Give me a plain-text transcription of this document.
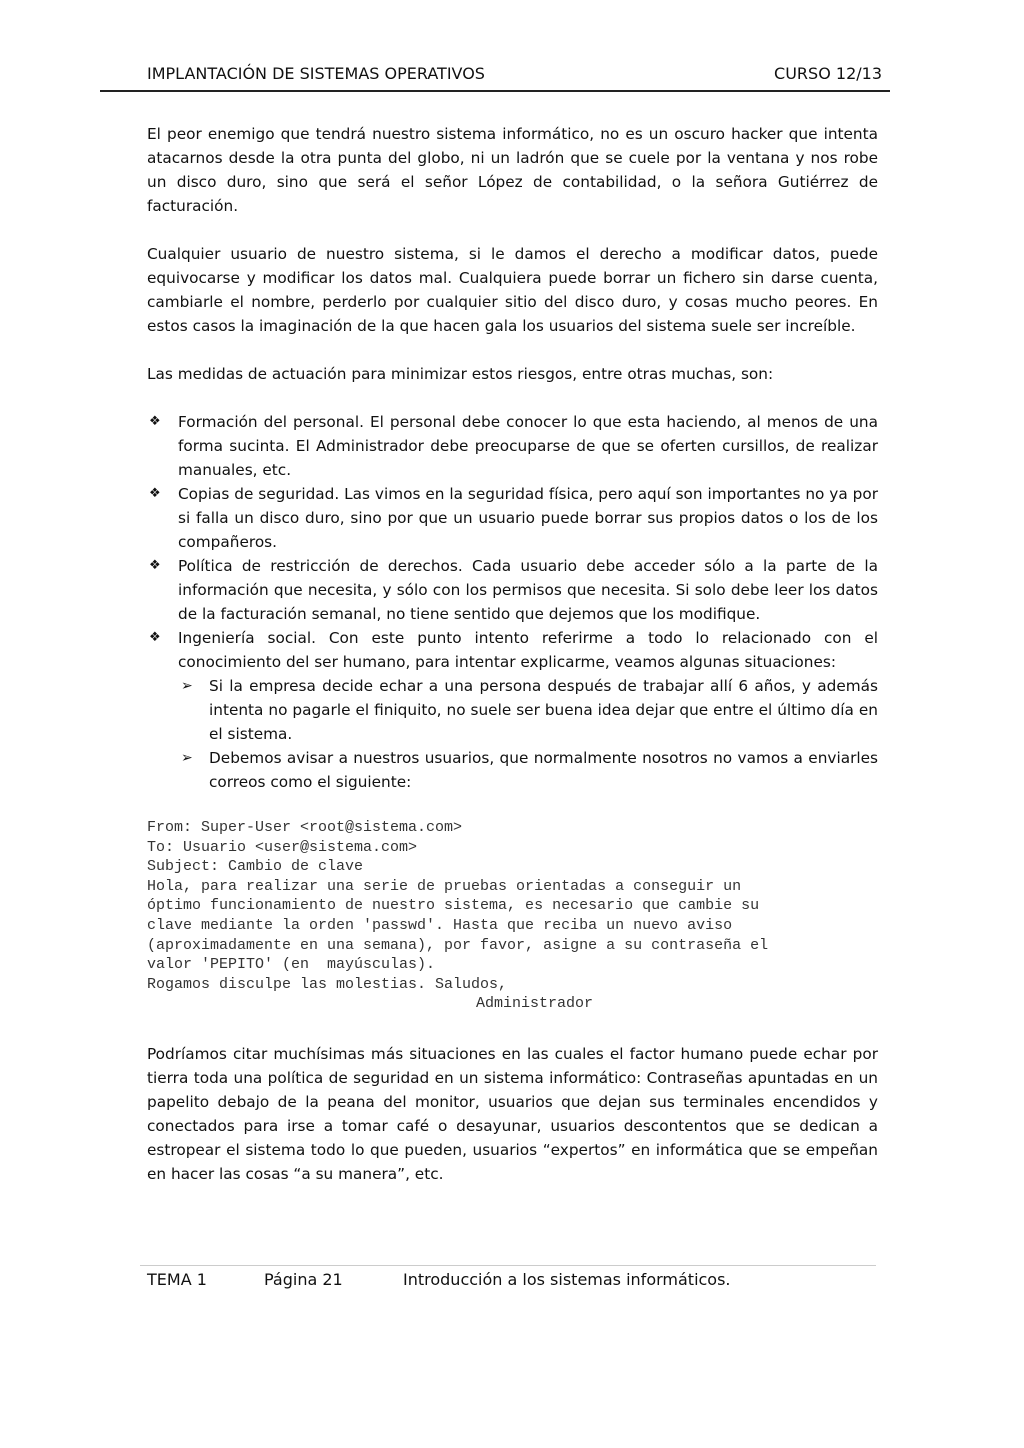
IMPLANTACIÓN DE SISTEMAS OPERATIVOS	CURSO 12/13

El peor enemigo que tendrá nuestro sistema informático, no es un oscuro hacker que intenta atacarnos desde la otra punta del globo, ni un ladrón que se cuele por la ventana y nos robe un disco duro, sino que será el señor López de contabilidad, o la señora Gutiérrez de facturación.

Cualquier usuario de nuestro sistema, si le damos el derecho a modificar datos, puede equivocarse y modificar los datos mal. Cualquiera puede borrar un fichero sin darse cuenta, cambiarle el nombre, perderlo por cualquier sitio del disco duro, y cosas mucho peores. En estos casos la imaginación de la que hacen gala los usuarios del sistema suele ser increíble.

Las medidas de actuación para minimizar estos riesgos, entre otras muchas, son:

❖ Formación del personal. El personal debe conocer lo que esta haciendo, al menos de una forma sucinta. El Administrador debe preocuparse de que se oferten cursillos, de realizar manuales, etc.
❖ Copias de seguridad. Las vimos en la seguridad física, pero aquí son importantes no ya por si falla un disco duro, sino por que un usuario puede borrar sus propios datos o los de los compañeros.
❖ Política de restricción de derechos. Cada usuario debe acceder sólo a la parte de la información que necesita, y sólo con los permisos que necesita. Si solo debe leer los datos de la facturación semanal, no tiene sentido que dejemos que los modifique.
❖ Ingeniería social. Con este punto intento referirme a todo lo relacionado con el conocimiento del ser humano, para intentar explicarme, veamos algunas situaciones:
➢ Si la empresa decide echar a una persona después de trabajar allí 6 años, y además intenta no pagarle el finiquito, no suele ser buena idea dejar que entre el último día en el sistema.
➢ Debemos avisar a nuestros usuarios, que normalmente nosotros no vamos a enviarles correos como el siguiente:
From: Super-User <root@sistema.com>
To: Usuario <user@sistema.com>
Subject: Cambio de clave
Hola, para realizar una serie de pruebas orientadas a conseguir un
óptimo funcionamiento de nuestro sistema, es necesario que cambie su
clave mediante la orden 'passwd'. Hasta que reciba un nuevo aviso
(aproximadamente en una semana), por favor, asigne a su contraseña el
valor 'PEPITO' (en  mayúsculas).
Rogamos disculpe las molestias. Saludos,
Administrador

Podríamos citar muchísimas más situaciones en las cuales el factor humano puede echar por tierra toda una política de seguridad en un sistema informático: Contraseñas apuntadas en un papelito debajo de la peana del monitor, usuarios que dejan sus terminales encendidos y conectados para irse a tomar café o desayunar, usuarios descontentos que se dedican a estropear el sistema todo lo que pueden, usuarios “expertos” en informática que se empeñan en hacer las cosas “a su manera”, etc.

TEMA 1	Página 21	Introducción a los sistemas informáticos.
